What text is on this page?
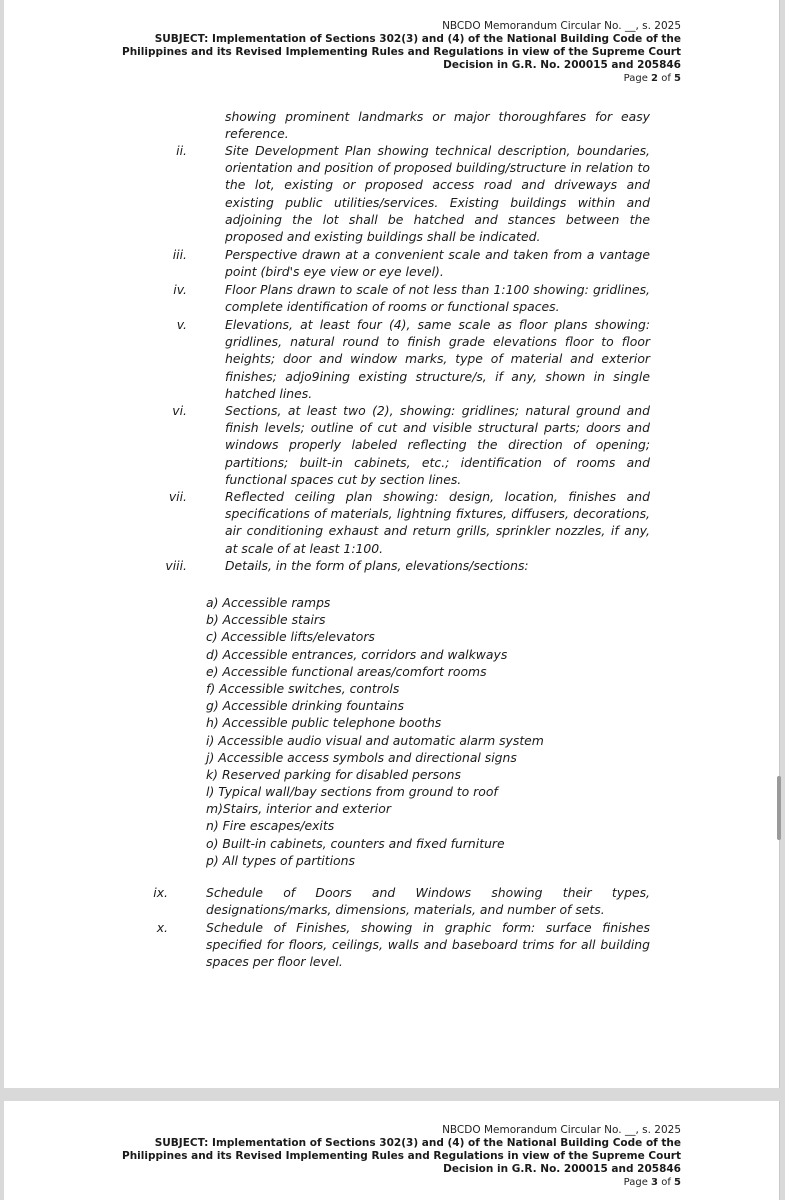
NBCDO Memorandum Circular No. __, s. 2025
SUBJECT: Implementation of Sections 302(3) and (4) of the National Building Code of the Philippines and its Revised Implementing Rules and Regulations in view of the Supreme Court Decision in G.R. No. 200015 and 205846
Page 2 of 5
showing prominent landmarks or major thoroughfares for easy reference.
ii.	Site Development Plan showing technical description, boundaries, orientation and position of proposed building/structure in relation to the lot, existing or proposed access road and driveways and existing public utilities/services. Existing buildings within and adjoining the lot shall be hatched and stances between the proposed and existing buildings shall be indicated.
iii.	Perspective drawn at a convenient scale and taken from a vantage point (bird's eye view or eye level).
iv.	Floor Plans drawn to scale of not less than 1:100 showing: gridlines, complete identification of rooms or functional spaces.
v.	Elevations, at least four (4), same scale as floor plans showing: gridlines, natural round to finish grade elevations floor to floor heights; door and window marks, type of material and exterior finishes; adjo9ining existing structure/s, if any, shown in single hatched lines.
vi.	Sections, at least two (2), showing: gridlines; natural ground and finish levels; outline of cut and visible structural parts; doors and windows properly labeled reflecting the direction of opening; partitions; built-in cabinets, etc.; identification of rooms and functional spaces cut by section lines.
vii.	Reflected ceiling plan showing: design, location, finishes and specifications of materials, lightning fixtures, diffusers, decorations, air conditioning exhaust and return grills, sprinkler nozzles, if any, at scale of at least 1:100.
viii.	Details, in the form of plans, elevations/sections:
a) Accessible ramps
b) Accessible stairs
c) Accessible lifts/elevators
d) Accessible entrances, corridors and walkways
e) Accessible functional areas/comfort rooms
f) Accessible switches, controls
g) Accessible drinking fountains
h) Accessible public telephone booths
i) Accessible audio visual and automatic alarm system
j) Accessible access symbols and directional signs
k) Reserved parking for disabled persons
l) Typical wall/bay sections from ground to roof
m)Stairs, interior and exterior
n) Fire escapes/exits
o) Built-in cabinets, counters and fixed furniture
p) All types of partitions
ix.	Schedule of Doors and Windows showing their types, designations/marks, dimensions, materials, and number of sets.
x.	Schedule of Finishes, showing in graphic form: surface finishes specified for floors, ceilings, walls and baseboard trims for all building spaces per floor level.
NBCDO Memorandum Circular No. __, s. 2025
SUBJECT: Implementation of Sections 302(3) and (4) of the National Building Code of the Philippines and its Revised Implementing Rules and Regulations in view of the Supreme Court Decision in G.R. No. 200015 and 205846
Page 3 of 5
